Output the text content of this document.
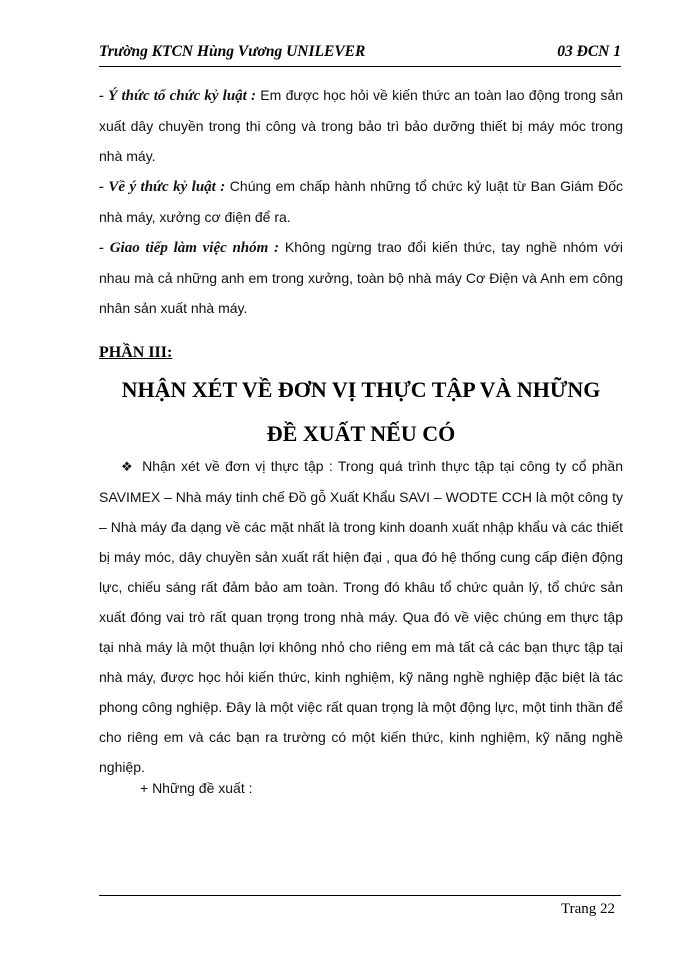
Trường KTCN Hùng Vương UNILEVER	03 ĐCN 1

- Ý thức tổ chức kỷ luật : Em được học hỏi về kiến thức an toàn lao động trong sản xuất dây chuyền trong thi công và trong bảo trì bảo dưỡng thiết bị máy móc trong nhà máy.

- Về ý thức kỷ luật : Chúng em chấp hành những tổ chức kỷ luật từ Ban Giám Đốc nhà máy, xưởng cơ điện để ra.

- Giao tiếp làm việc nhóm : Không ngừng trao đổi kiến thức, tay nghề nhóm với nhau mà cả những anh em trong xưởng, toàn bộ nhà máy Cơ Điện và Anh em công nhân sản xuất nhà máy.

PHẦN III:
NHẬN XÉT VỀ ĐƠN VỊ THỰC TẬP VÀ NHỮNG
ĐỀ XUẤT NẾU CÓ

❖ Nhận xét về đơn vị thực tập : Trong quá trình thực tập tại công ty cổ phần SAVIMEX – Nhà máy tinh chế Đồ gỗ Xuất Khẩu SAVI – WODTE CCH là một công ty – Nhà máy đa dạng về các mặt nhất là trong kinh doanh xuất nhập khẩu và các thiết bị máy móc, dây chuyền sản xuất rất hiện đại , qua đó hệ thống cung cấp điện động lực, chiếu sáng rất đảm bảo am toàn. Trong đó khâu tổ chức quản lý, tổ chức sản xuất đóng vai trò rất quan trọng trong nhà máy. Qua đó về việc chúng em thực tập tại nhà máy là một thuận lợi không nhỏ cho riêng em mà tất cả các bạn thực tập tại nhà máy, được học hỏi kiến thức, kinh nghiệm, kỹ năng nghề nghiệp đặc biệt là tác phong công nghiệp. Đây là một việc rất quan trọng là một động lực, một tinh thần để cho riêng em và các bạn ra trường có một kiến thức, kinh nghiệm, kỹ năng nghề nghiệp.

+ Những đề xuất :
Trang 22
